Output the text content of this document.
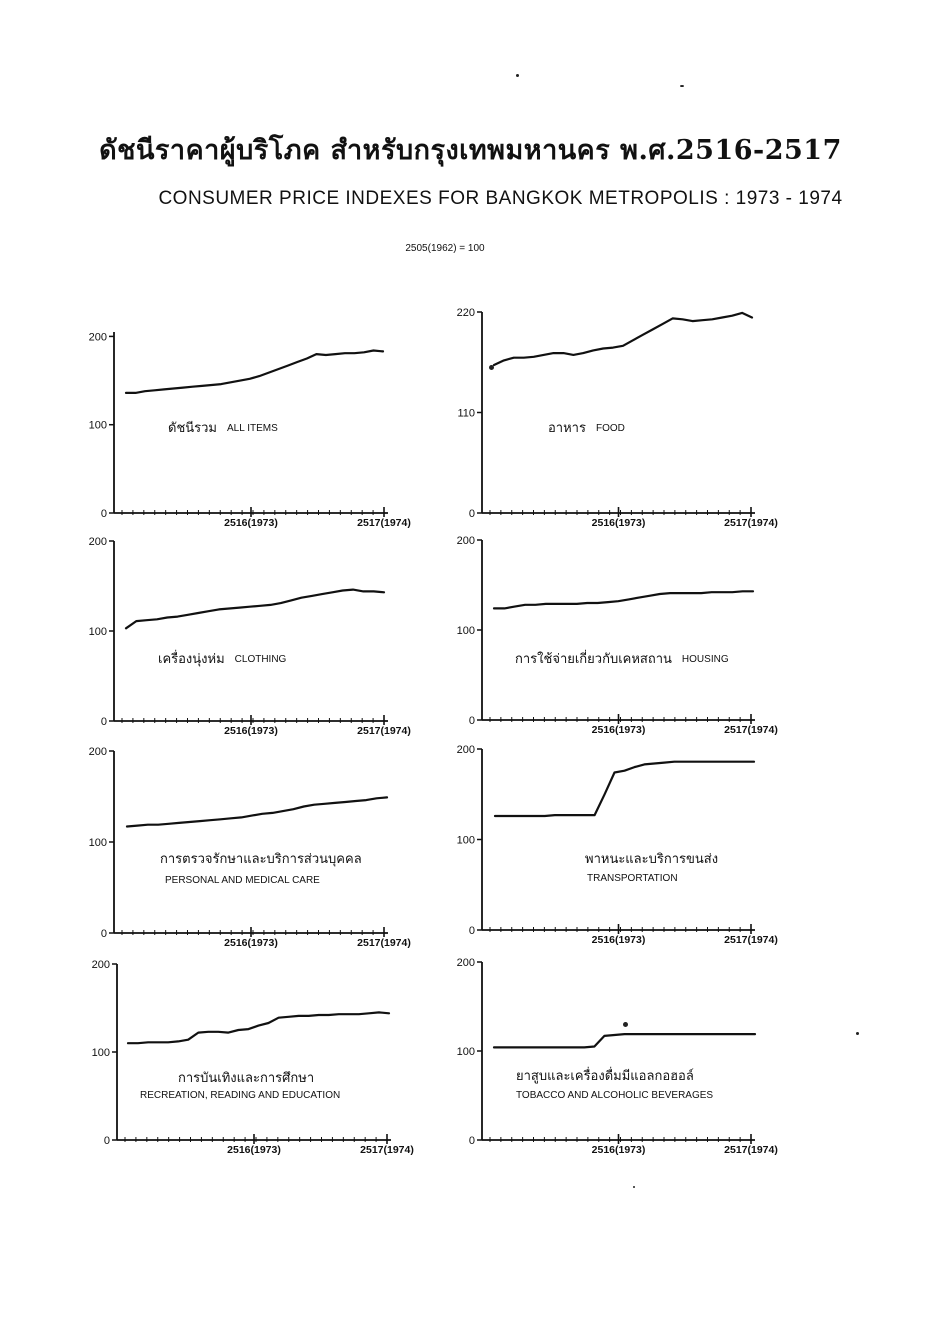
ดัชนีราคาผู้บริโภค สำหรับกรุงเทพมหานคร พ.ศ.2516-2517
CONSUMER PRICE INDEXES FOR BANGKOK METROPOLIS : 1973 - 1974
2505(1962) = 100
0
100
200
2516(1973)	2517(1974)
ดัชนีรวม ALL ITEMS
0
110
220
2516(1973)	2517(1974)
อาหาร FOOD
0
100
200
2516(1973)	2517(1974)
เครื่องนุ่งห่ม CLOTHING
0
100
200
2516(1973)	2517(1974)
การใช้จ่ายเกี่ยวกับเคหสถาน HOUSING
0
100
200
2516(1973)	2517(1974)
การตรวจรักษาและบริการส่วนบุคคล
PERSONAL AND MEDICAL CARE
0
100
200
2516(1973)	2517(1974)
พาหนะและบริการขนส่ง
TRANSPORTATION
0
100
200
2516(1973)	2517(1974)
การบันเทิงและการศึกษา
RECREATION, READING AND EDUCATION
0
100
200
2516(1973)	2517(1974)
ยาสูบและเครื่องดื่มมีแอลกอฮอล์
TOBACCO AND ALCOHOLIC BEVERAGES
